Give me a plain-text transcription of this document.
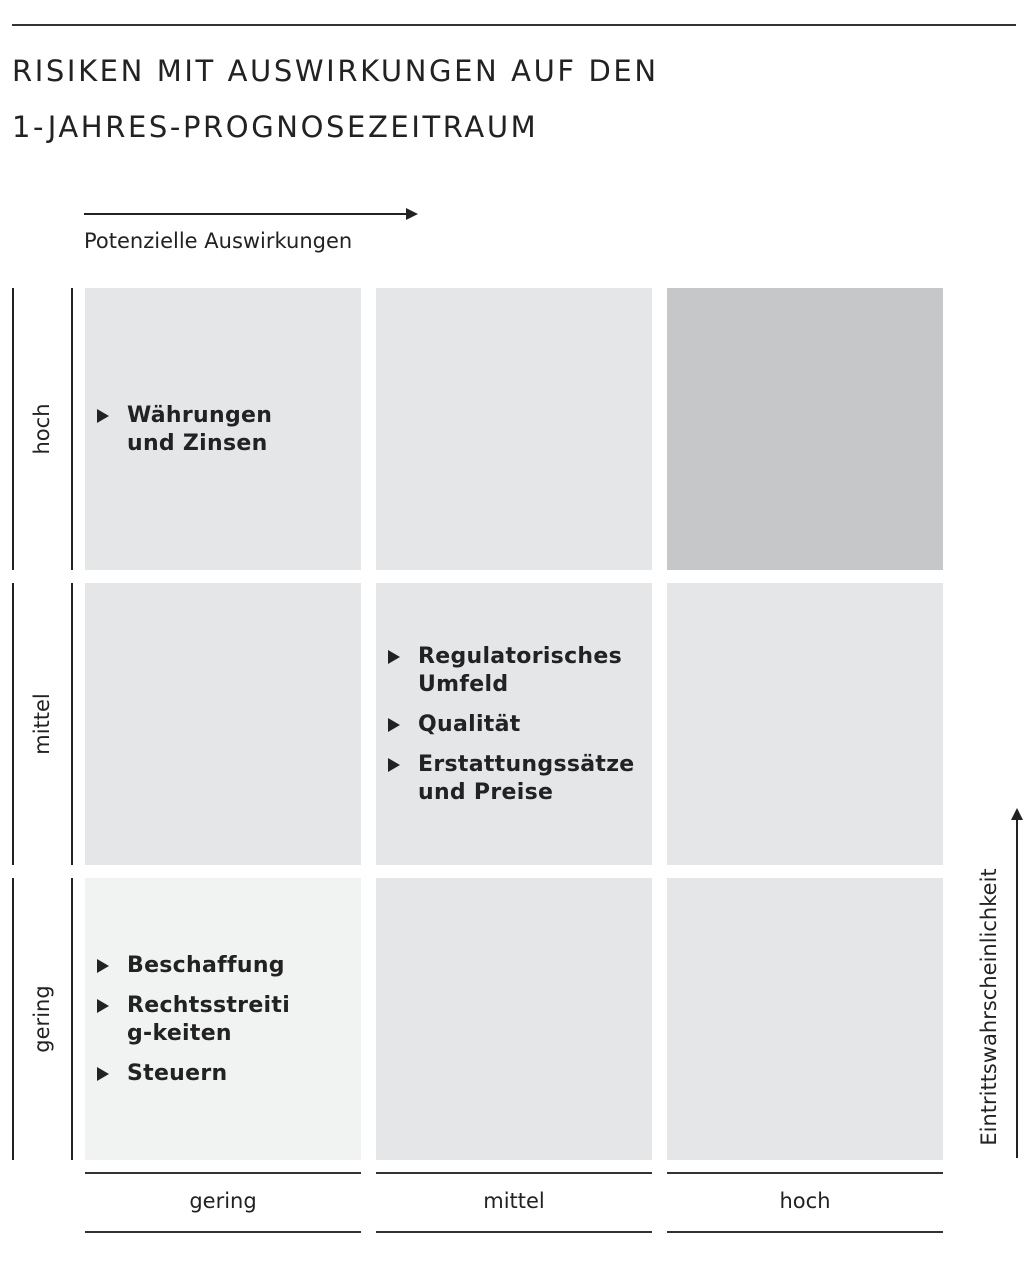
RISIKEN MIT AUSWIRKUNGEN AUF DEN
1-JAHRES-PROGNOSEZEITRAUM
Potenzielle Auswirkungen
hoch
mittel
gering
Währungen und Zinsen
Regulatorisches Umfeld
Qualität
Erstattungssätze und Preise
Beschaffung
Rechtsstreitig-keiten
Steuern
gering	mittel	hoch
Eintrittswahrscheinlichkeit
